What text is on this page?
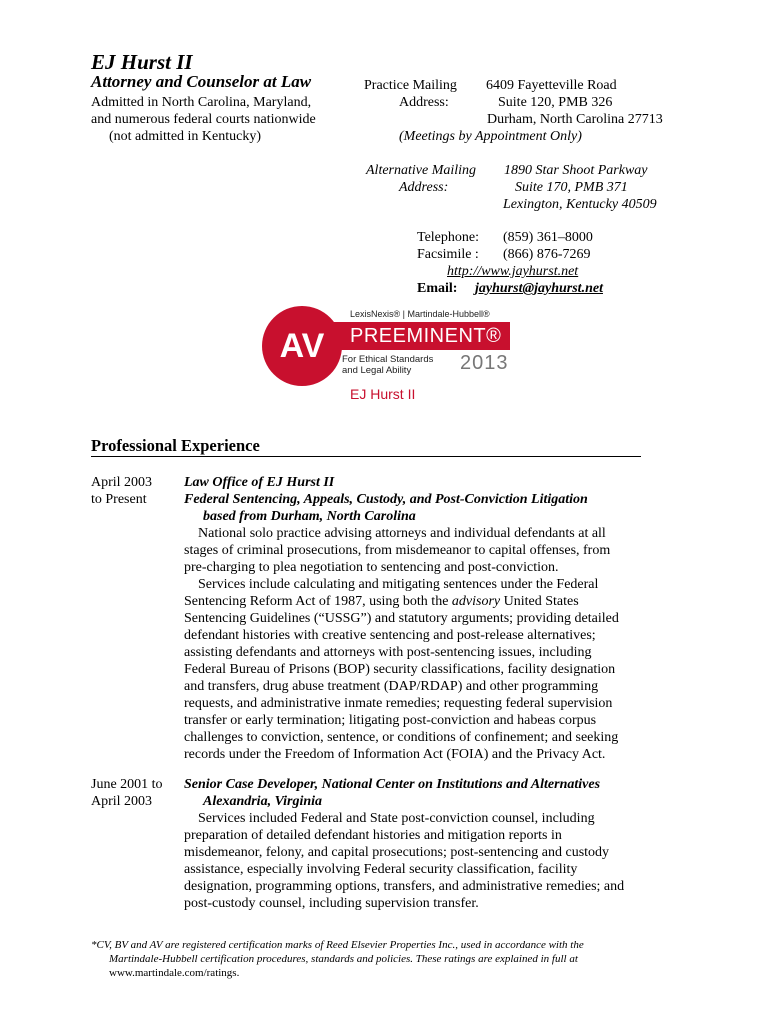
EJ Hurst II
Attorney and Counselor at Law
Admitted in North Carolina, Maryland,
and numerous federal courts nationwide
(not admitted in Kentucky)
Practice Mailing
Address:
6409 Fayetteville Road
Suite 120, PMB 326
Durham, North Carolina 27713
(Meetings by Appointment Only)
Alternative Mailing
Address:
1890 Star Shoot Parkway
Suite 170, PMB 371
Lexington, Kentucky 40509
Telephone: (859) 361–8000
Facsimile : (866) 876-7269
http://www.jayhurst.net
Email: jayhurst@jayhurst.net
AV
LexisNexis® | Martindale-Hubbell®
PREEMINENT®
For Ethical Standards
and Legal Ability	2013
EJ Hurst II
Professional Experience
April 2003
to Present
Law Office of EJ Hurst II
Federal Sentencing, Appeals, Custody, and Post-Conviction Litigation
based from Durham, North Carolina
National solo practice advising attorneys and individual defendants at all
stages of criminal prosecutions, from misdemeanor to capital offenses, from
pre-charging to plea negotiation to sentencing and post-conviction.
Services include calculating and mitigating sentences under the Federal
Sentencing Reform Act of 1987, using both the advisory United States
Sentencing Guidelines (“USSG”) and statutory arguments; providing detailed
defendant histories with creative sentencing and post-release alternatives;
assisting defendants and attorneys with post-sentencing issues, including
Federal Bureau of Prisons (BOP) security classifications, facility designation
and transfers, drug abuse treatment (DAP/RDAP) and other programming
requests, and administrative inmate remedies; requesting federal supervision
transfer or early termination; litigating post-conviction and habeas corpus
challenges to conviction, sentence, or conditions of confinement; and seeking
records under the Freedom of Information Act (FOIA) and the Privacy Act.
June 2001 to
April 2003
Senior Case Developer, National Center on Institutions and Alternatives
Alexandria, Virginia
Services included Federal and State post-conviction counsel, including
preparation of detailed defendant histories and mitigation reports in
misdemeanor, felony, and capital prosecutions; post-sentencing and custody
assistance, especially involving Federal security classification, facility
designation, programming options, transfers, and administrative remedies; and
post-custody counsel, including supervision transfer.
*CV, BV and AV are registered certification marks of Reed Elsevier Properties Inc., used in accordance with the
Martindale-Hubbell certification procedures, standards and policies. These ratings are explained in full at
www.martindale.com/ratings.
